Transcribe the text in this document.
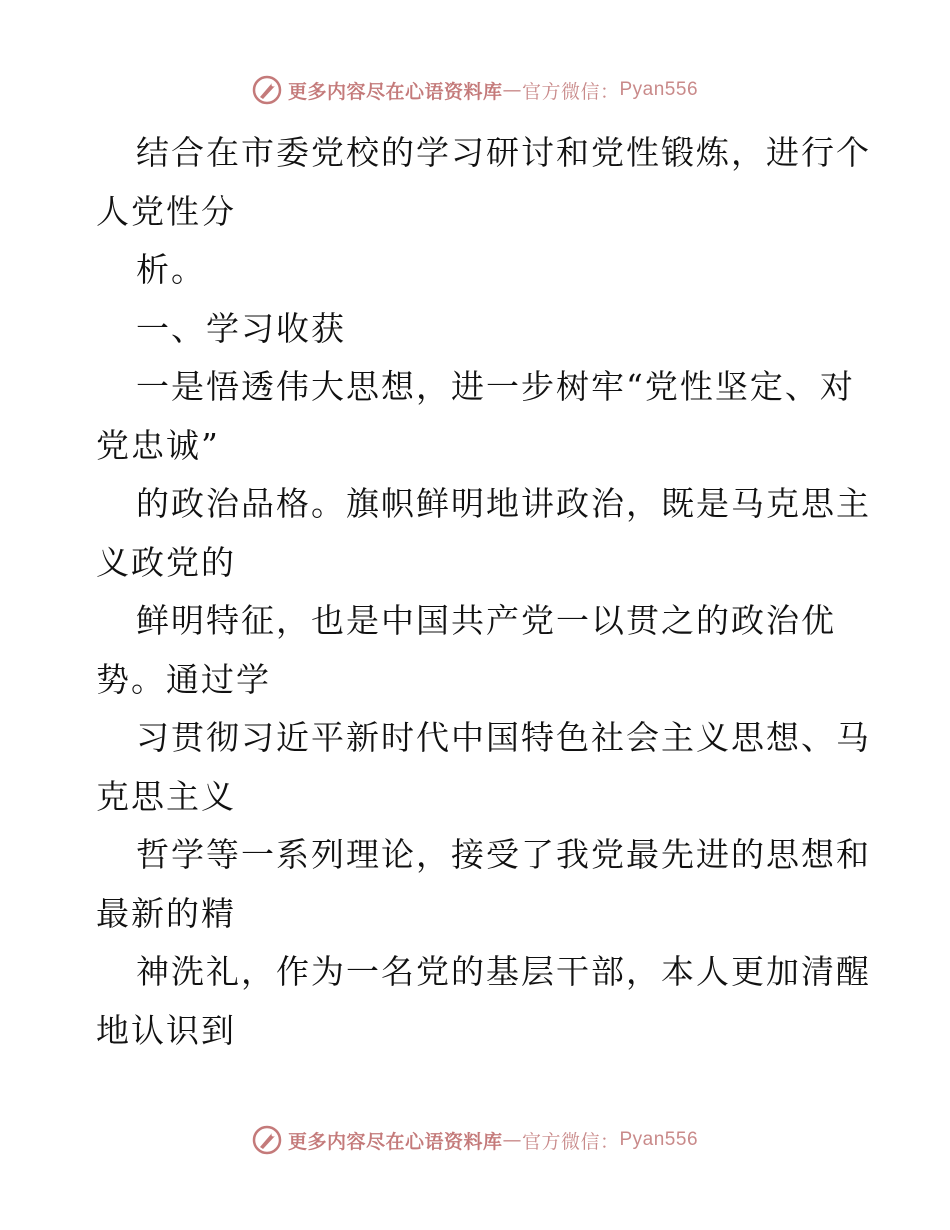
更多内容尽在心语资料库 — 官方微信： Pyan556
结合在市委党校的学习研讨和党性锻炼，进行个
人党性分
析。
一、学习收获
一是悟透伟大思想，进一步树牢“党性坚定、对
党忠诚”
的政治品格。旗帜鲜明地讲政治，既是马克思主
义政党的
鲜明特征，也是中国共产党一以贯之的政治优
势。通过学
习贯彻习近平新时代中国特色社会主义思想、马
克思主义
哲学等一系列理论，接受了我党最先进的思想和
最新的精
神洗礼，作为一名党的基层干部，本人更加清醒
地认识到
更多内容尽在心语资料库 — 官方微信： Pyan556
